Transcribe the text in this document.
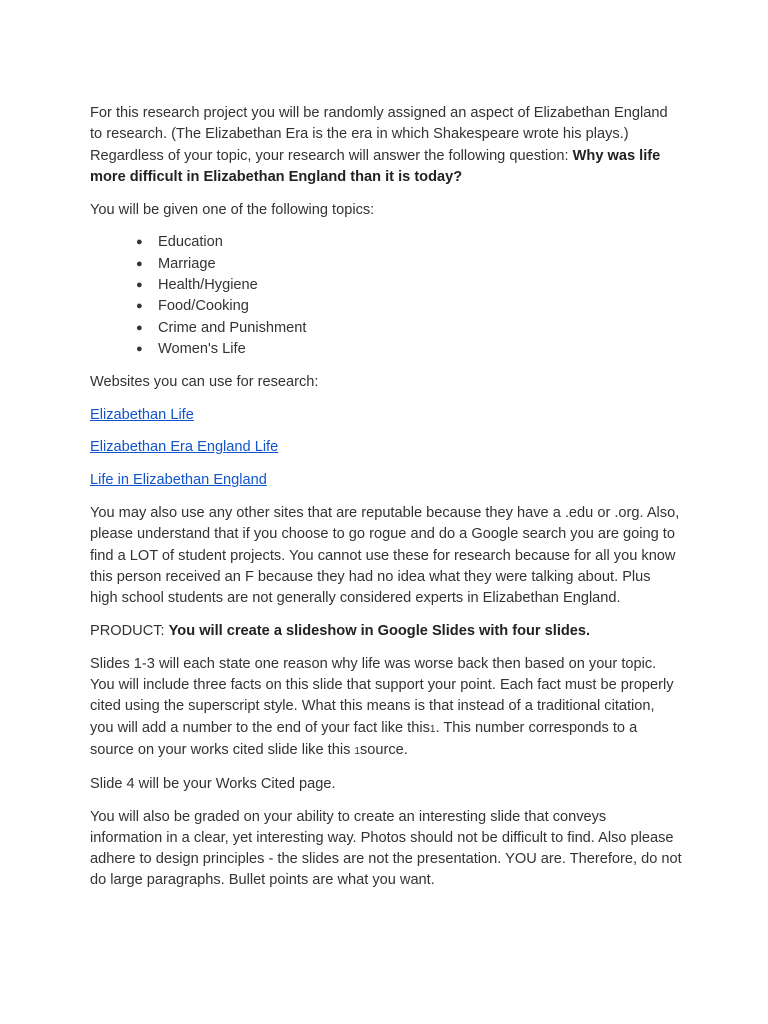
For this research project you will be randomly assigned an aspect of Elizabethan England to research. (The Elizabethan Era is the era in which Shakespeare wrote his plays.) Regardless of your topic, your research will answer the following question: Why was life more difficult in Elizabethan England than it is today?

You will be given one of the following topics:

● Education
● Marriage
● Health/Hygiene
● Food/Cooking
● Crime and Punishment
● Women's Life

Websites you can use for research:

Elizabethan Life

Elizabethan Era England Life

Life in Elizabethan England

You may also use any other sites that are reputable because they have a .edu or .org. Also, please understand that if you choose to go rogue and do a Google search you are going to find a LOT of student projects. You cannot use these for research because for all you know this person received an F because they had no idea what they were talking about. Plus high school students are not generally considered experts in Elizabethan England.

PRODUCT: You will create a slideshow in Google Slides with four slides.

Slides 1-3 will each state one reason why life was worse back then based on your topic. You will include three facts on this slide that support your point. Each fact must be properly cited using the superscript style. What this means is that instead of a traditional citation, you will add a number to the end of your fact like this1. This number corresponds to a source on your works cited slide like this 1source.

Slide 4 will be your Works Cited page.

You will also be graded on your ability to create an interesting slide that conveys information in a clear, yet interesting way. Photos should not be difficult to find. Also please adhere to design principles - the slides are not the presentation. YOU are. Therefore, do not do large paragraphs. Bullet points are what you want.
